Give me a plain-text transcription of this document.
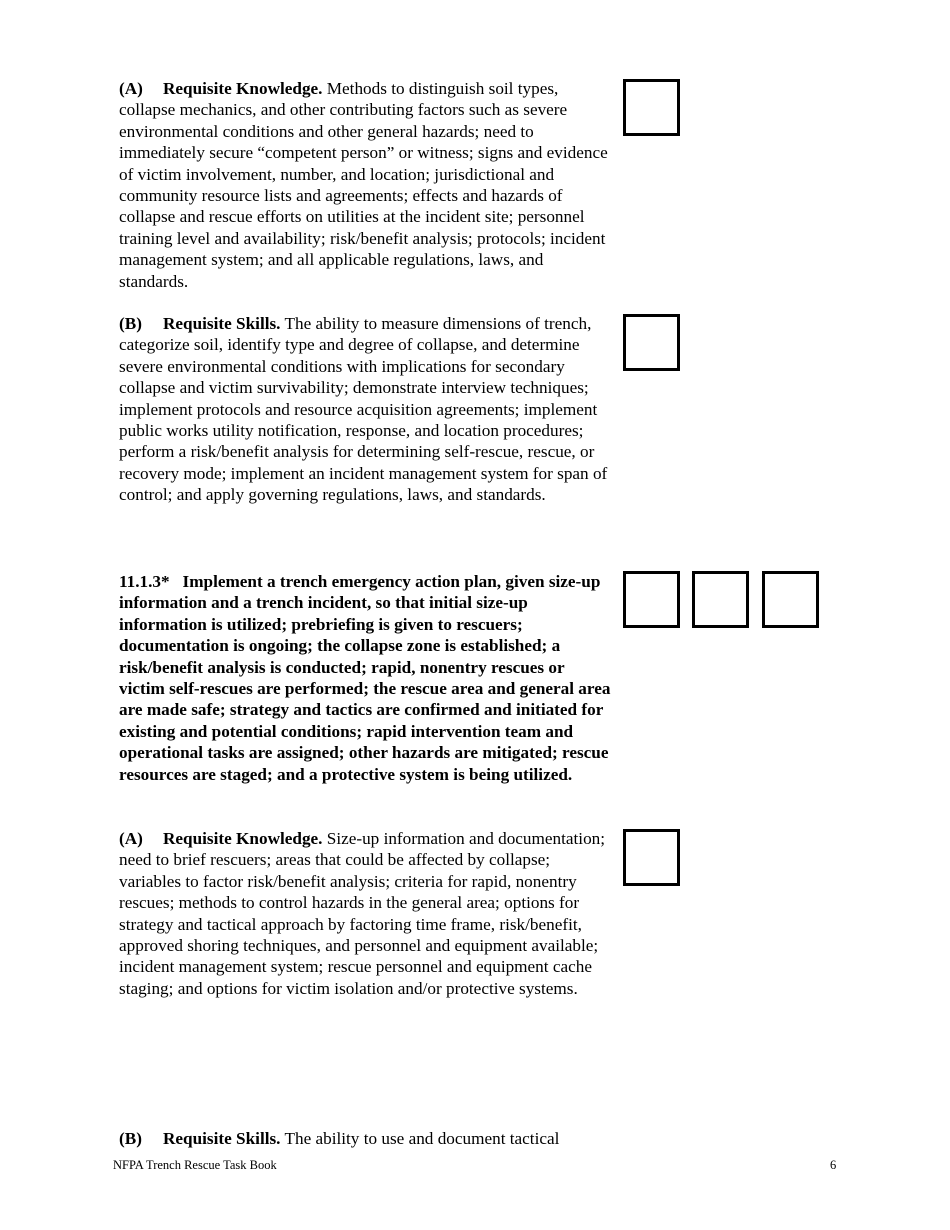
(A) Requisite Knowledge. Methods to distinguish soil types, collapse mechanics, and other contributing factors such as severe environmental conditions and other general hazards; need to immediately secure “competent person” or witness; signs and evidence of victim involvement, number, and location; jurisdictional and community resource lists and agreements; effects and hazards of collapse and rescue efforts on utilities at the incident site; personnel training level and availability; risk/benefit analysis; protocols; incident management system; and all applicable regulations, laws, and standards.

(B) Requisite Skills. The ability to measure dimensions of trench, categorize soil, identify type and degree of collapse, and determine severe environmental conditions with implications for secondary collapse and victim survivability; demonstrate interview techniques; implement protocols and resource acquisition agreements; implement public works utility notification, response, and location procedures; perform a risk/benefit analysis for determining self-rescue, rescue, or recovery mode; implement an incident management system for span of control; and apply governing regulations, laws, and standards.

11.1.3* Implement a trench emergency action plan, given size-up information and a trench incident, so that initial size-up information is utilized; prebriefing is given to rescuers; documentation is ongoing; the collapse zone is established; a risk/benefit analysis is conducted; rapid, nonentry rescues or victim self-rescues are performed; the rescue area and general area are made safe; strategy and tactics are confirmed and initiated for existing and potential conditions; rapid intervention team and operational tasks are assigned; other hazards are mitigated; rescue resources are staged; and a protective system is being utilized.

(A) Requisite Knowledge. Size-up information and documentation; need to brief rescuers; areas that could be affected by collapse; variables to factor risk/benefit analysis; criteria for rapid, nonentry rescues; methods to control hazards in the general area; options for strategy and tactical approach by factoring time frame, risk/benefit, approved shoring techniques, and personnel and equipment available; incident management system; rescue personnel and equipment cache staging; and options for victim isolation and/or protective systems.

(B) Requisite Skills. The ability to use and document tactical

NFPA Trench Rescue Task Book	6
